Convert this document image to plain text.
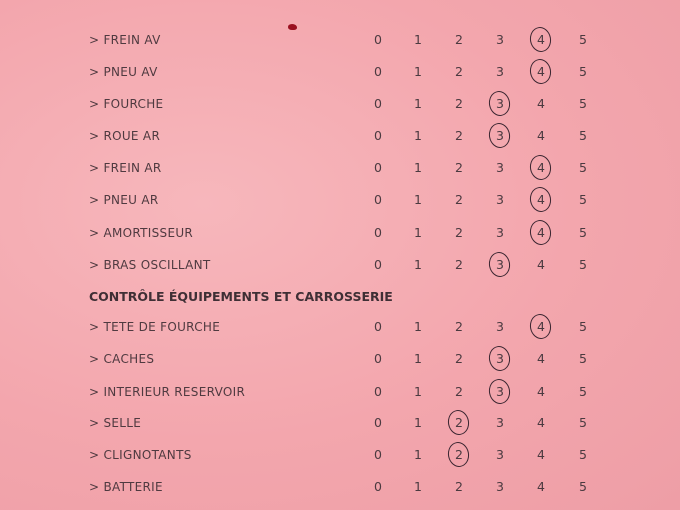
> FREIN AV	0	1	2	3	4	5
> PNEU AV	0	1	2	3	4	5
> FOURCHE	0	1	2	3	4	5
> ROUE AR	0	1	2	3	4	5
> FREIN AR	0	1	2	3	4	5
> PNEU AR	0	1	2	3	4	5
> AMORTISSEUR	0	1	2	3	4	5
> BRAS OSCILLANT	0	1	2	3	4	5
CONTRÔLE ÉQUIPEMENTS ET CARROSSERIE
> TETE DE FOURCHE	0	1	2	3	4	5
> CACHES	0	1	2	3	4	5
> INTERIEUR RESERVOIR	0	1	2	3	4	5
> SELLE	0	1	2	3	4	5
> CLIGNOTANTS	0	1	2	3	4	5
> BATTERIE	0	1	2	3	4	5
